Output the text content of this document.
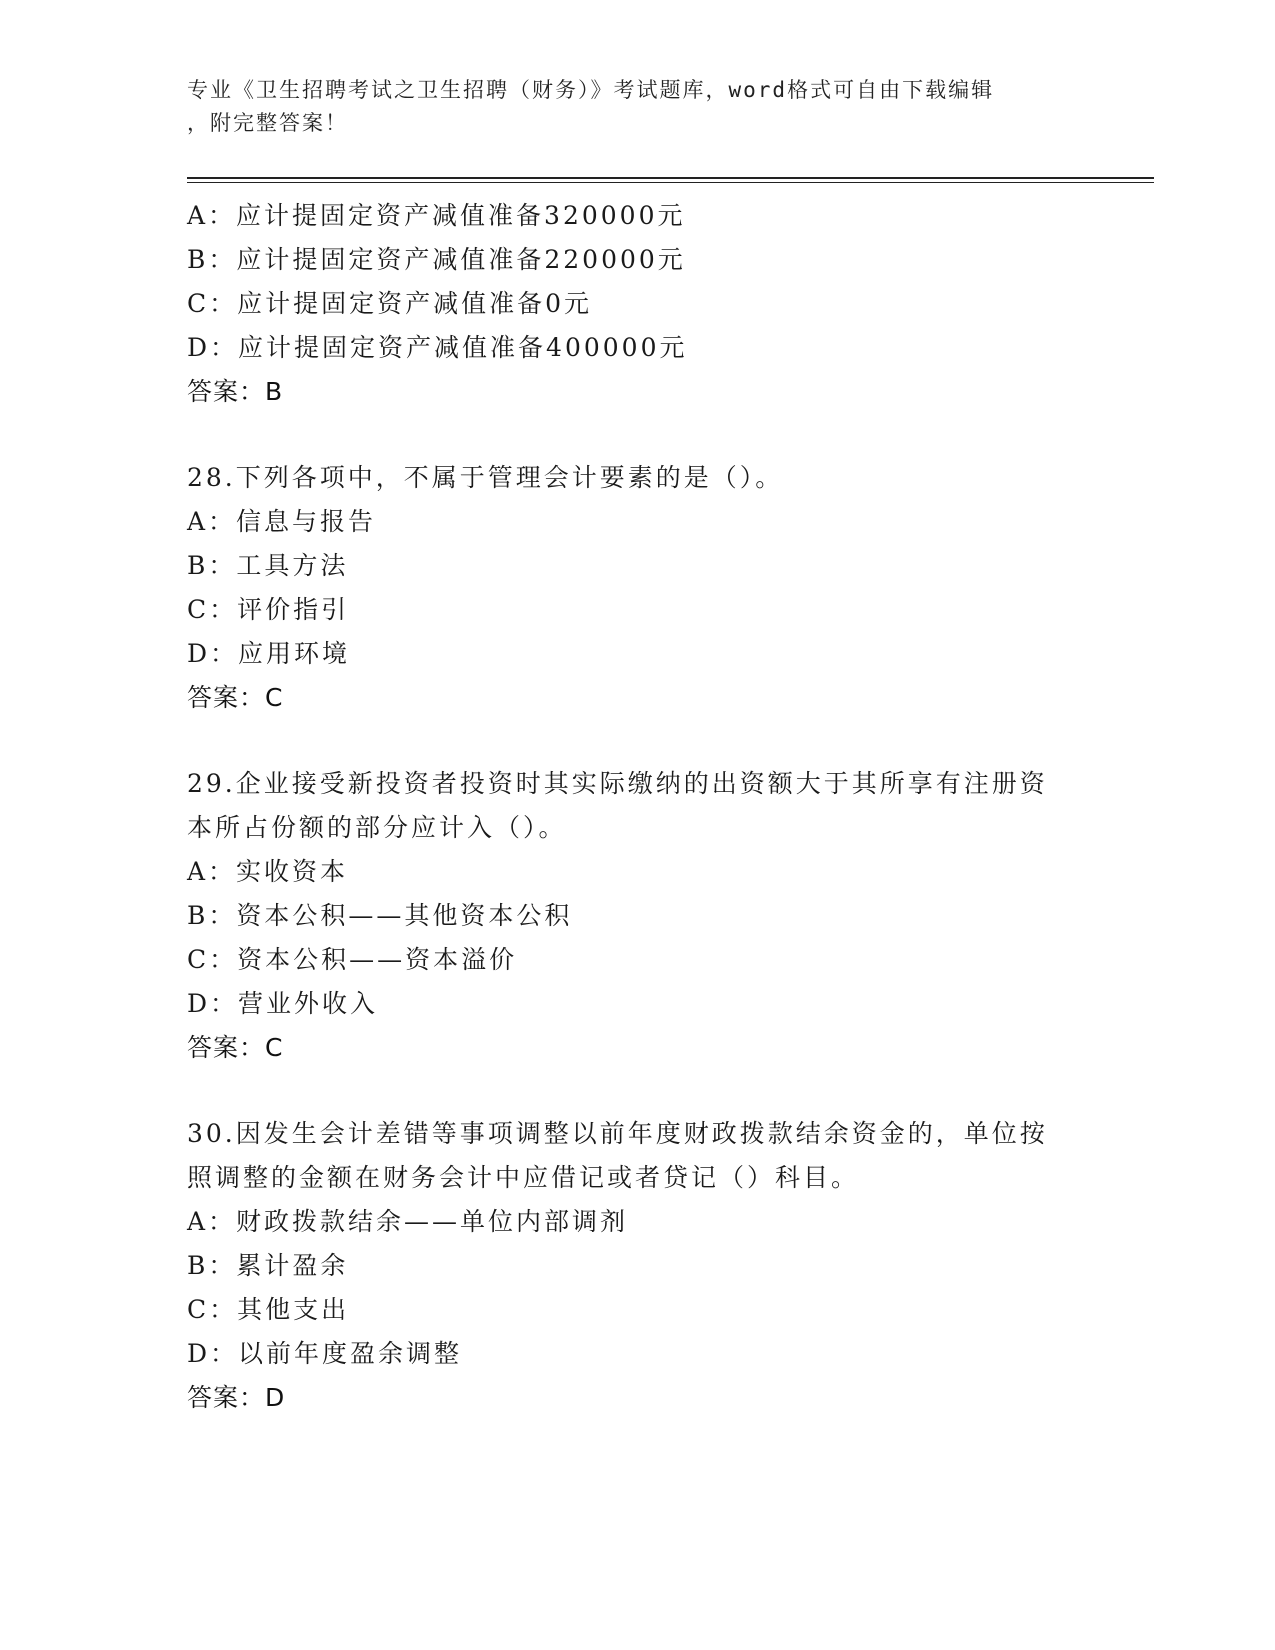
专业《卫生招聘考试之卫生招聘（财务）》考试题库，word格式可自由下载编辑
，附完整答案！
A：应计提固定资产减值准备320000元
B：应计提固定资产减值准备220000元
C：应计提固定资产减值准备0元
D：应计提固定资产减值准备400000元
答案：B
28.下列各项中，不属于管理会计要素的是（）。
A：信息与报告
B：工具方法
C：评价指引
D：应用环境
答案：C
29.企业接受新投资者投资时其实际缴纳的出资额大于其所享有注册资
本所占份额的部分应计入（）。
A：实收资本
B：资本公积——其他资本公积
C：资本公积——资本溢价
D：营业外收入
答案：C
30.因发生会计差错等事项调整以前年度财政拨款结余资金的，单位按
照调整的金额在财务会计中应借记或者贷记（）科目。
A：财政拨款结余——单位内部调剂
B：累计盈余
C：其他支出
D：以前年度盈余调整
答案：D
